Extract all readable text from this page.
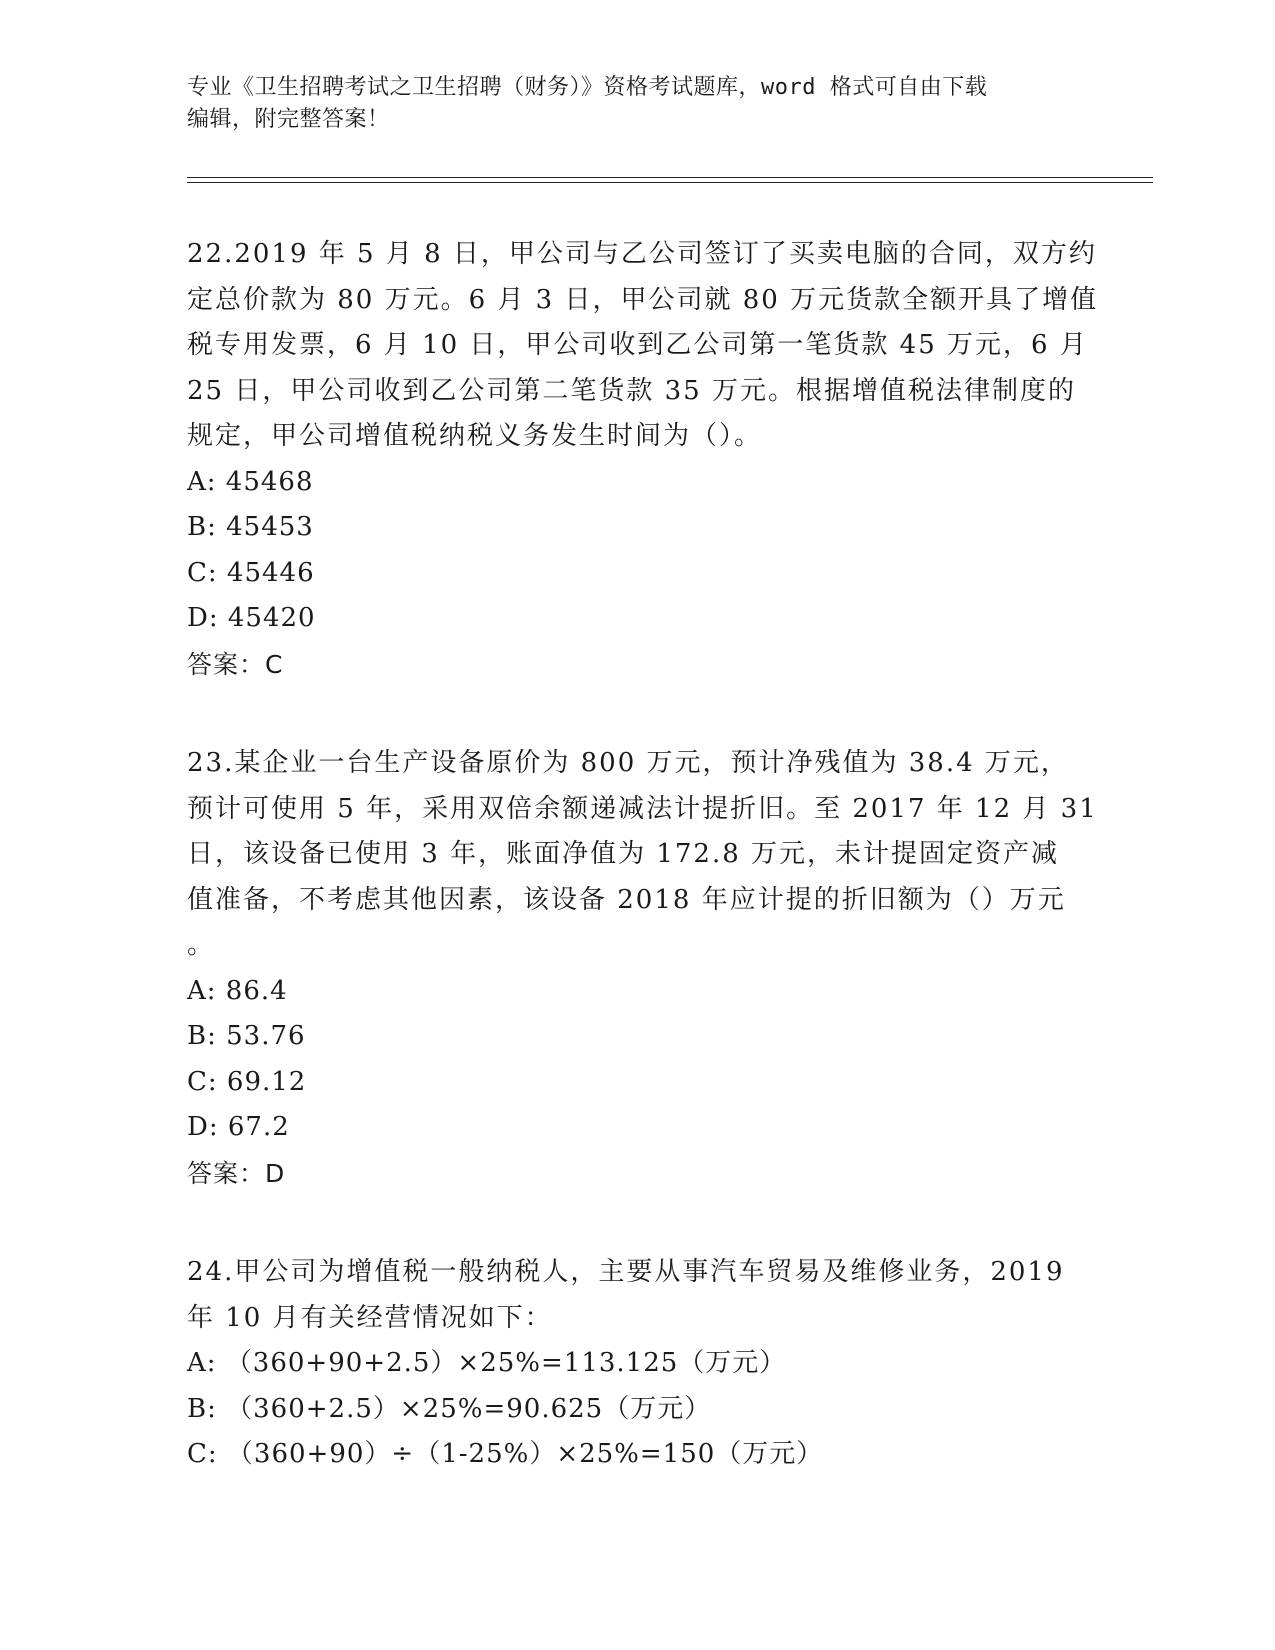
专业《卫生招聘考试之卫生招聘（财务）》资格考试题库，word 格式可自由下载
编辑，附完整答案！
22.2019 年 5 月 8 日，甲公司与乙公司签订了买卖电脑的合同，双方约
定总价款为 80 万元。6 月 3 日，甲公司就 80 万元货款全额开具了增值
税专用发票，6 月 10 日，甲公司收到乙公司第一笔货款 45 万元，6 月
25 日，甲公司收到乙公司第二笔货款 35 万元。根据增值税法律制度的
规定，甲公司增值税纳税义务发生时间为（）。
A: 45468
B: 45453
C: 45446
D: 45420
答案：C
23.某企业一台生产设备原价为 800 万元，预计净残值为 38.4 万元，
预计可使用 5 年，采用双倍余额递减法计提折旧。至 2017 年 12 月 31
日，该设备已使用 3 年，账面净值为 172.8 万元，未计提固定资产减
值准备，不考虑其他因素，该设备 2018 年应计提的折旧额为（）万元
。
A: 86.4
B: 53.76
C: 69.12
D: 67.2
答案：D
24.甲公司为增值税一般纳税人，主要从事汽车贸易及维修业务，2019
年 10 月有关经营情况如下：
A: （360+90+2.5）×25%=113.125（万元）
B: （360+2.5）×25%=90.625（万元）
C: （360+90）÷（1-25%）×25%=150（万元）
